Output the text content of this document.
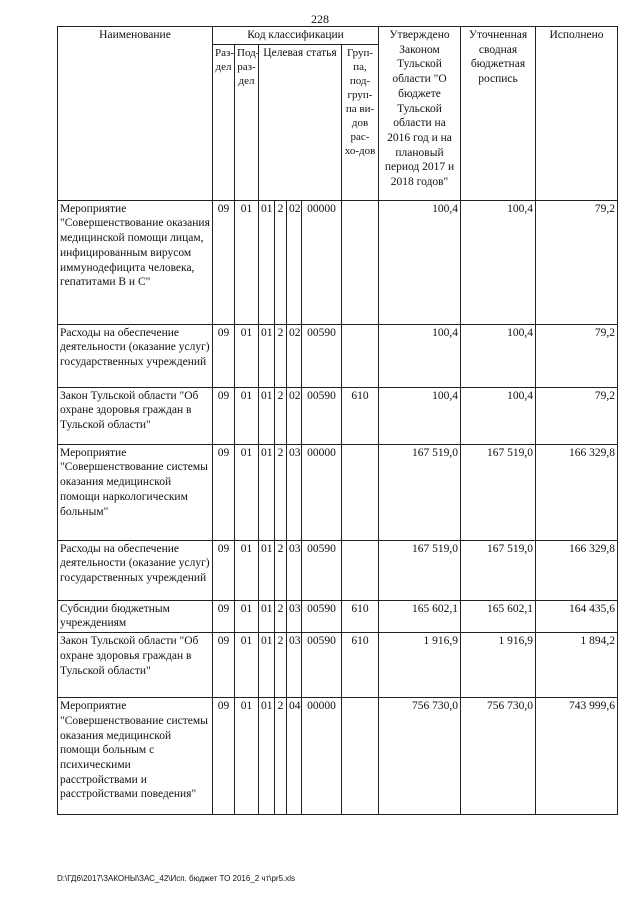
228
Наименование	Код классификации							Утверждено Законом Тульской области "О бюджете Тульской области на 2016 год и на плановый период 2017 и 2018 годов"	Уточненная сводная бюджетная роспись	Исполнено
	Раз-дел	Под-раз-дел	Целевая статья				Груп-па, под-груп-па ви-дов рас-хо-дов			
Мероприятие "Совершенствование оказания медицинской помощи лицам, инфицированным вирусом иммунодефицита человека, гепатитами В и С"	09	01	01	2	02	00000		100,4	100,4	79,2
Расходы на обеспечение деятельности (оказание услуг) государственных учреждений	09	01	01	2	02	00590		100,4	100,4	79,2
Закон Тульской области "Об охране здоровья граждан в Тульской области"	09	01	01	2	02	00590	610	100,4	100,4	79,2
Мероприятие "Совершенствование системы оказания медицинской помощи наркологическим больным"	09	01	01	2	03	00000		167 519,0	167 519,0	166 329,8
Расходы на обеспечение деятельности (оказание услуг) государственных учреждений	09	01	01	2	03	00590		167 519,0	167 519,0	166 329,8
Субсидии бюджетным учреждениям	09	01	01	2	03	00590	610	165 602,1	165 602,1	164 435,6
Закон Тульской области "Об охране здоровья граждан в Тульской области"	09	01	01	2	03	00590	610	1 916,9	1 916,9	1 894,2
Мероприятие "Совершенствование системы оказания медицинской помощи больным с психическими расстройствами и расстройствами поведения"	09	01	01	2	04	00000		756 730,0	756 730,0	743 999,6
D:\ГД6\2017\ЗАКОНЫ\ЗАС_42\Исп. бюджет ТО 2016_2 чт\pr5.xls
